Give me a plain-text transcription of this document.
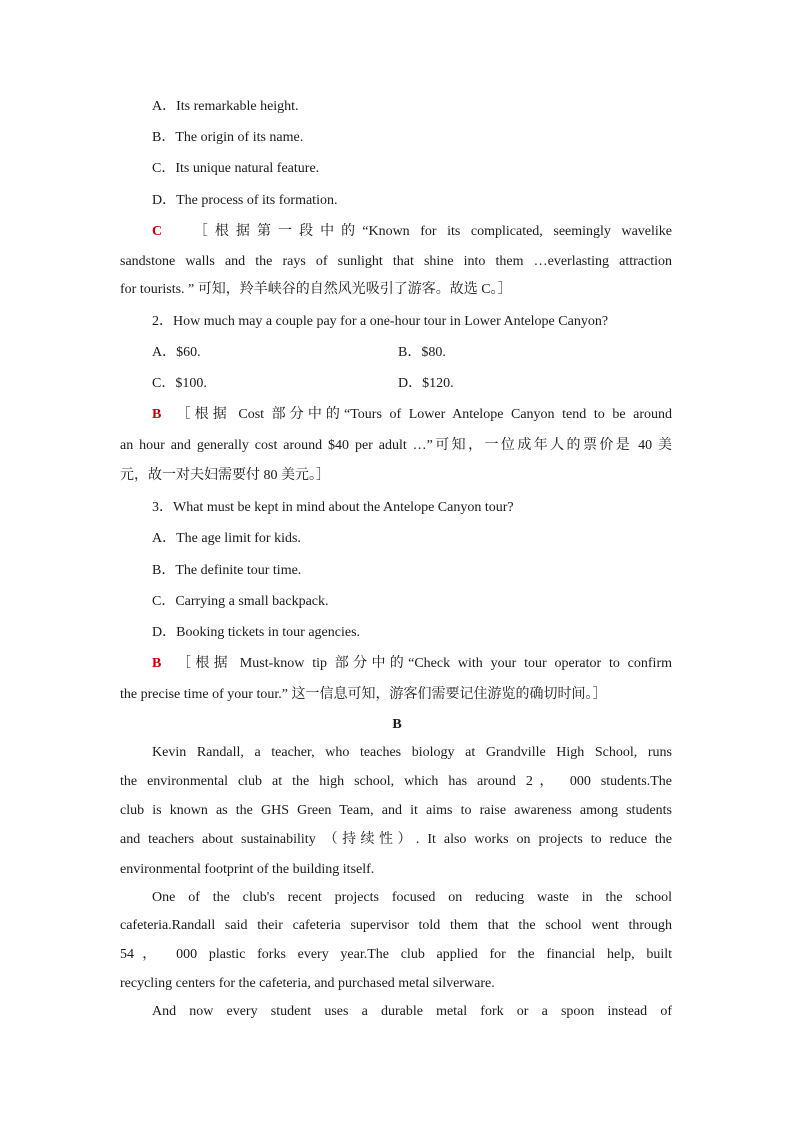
A．Its remarkable height.
B．The origin of its name.
C．Its unique natural feature.
D．The process of its formation.
C ［根据第一段中的“Known for its complicated, seemingly wavelike
sandstone walls and the rays of sunlight that shine into them …everlasting attraction
for tourists. ” 可知，羚羊峡谷的自然风光吸引了游客。故选 C。］
2．How much may a couple pay for a one-hour tour in Lower Antelope Canyon?
A．$60.	B．$80.
C．$100.	D．$120.
B ［根据 Cost 部分中的“Tours of Lower Antelope Canyon tend to be around
an hour and generally cost around $40 per adult …”可知，一位成年人的票价是 40 美
元，故一对夫妇需要付 80 美元。］
3．What must be kept in mind about the Antelope Canyon tour?
A．The age limit for kids.
B．The definite tour time.
C．Carrying a small backpack.
D．Booking tickets in tour agencies.
B ［根据 Must-know tip 部分中的“Check with your tour operator to confirm
the precise time of your tour.” 这一信息可知，游客们需要记住游览的确切时间。］
B
Kevin Randall, a teacher, who teaches biology at Grandville High School, runs
the environmental club at the high school, which has around 2， 000 students.The
club is known as the GHS Green Team, and it aims to raise awareness among students
and teachers about sustainability （持续性）. It also works on projects to reduce the
environmental footprint of the building itself.
One of the club's recent projects focused on reducing waste in the school
cafeteria.Randall said their cafeteria supervisor told them that the school went through
54， 000 plastic forks every year.The club applied for the financial help, built
recycling centers for the cafeteria, and purchased metal silverware.
And now every student uses a durable metal fork or a spoon instead of
